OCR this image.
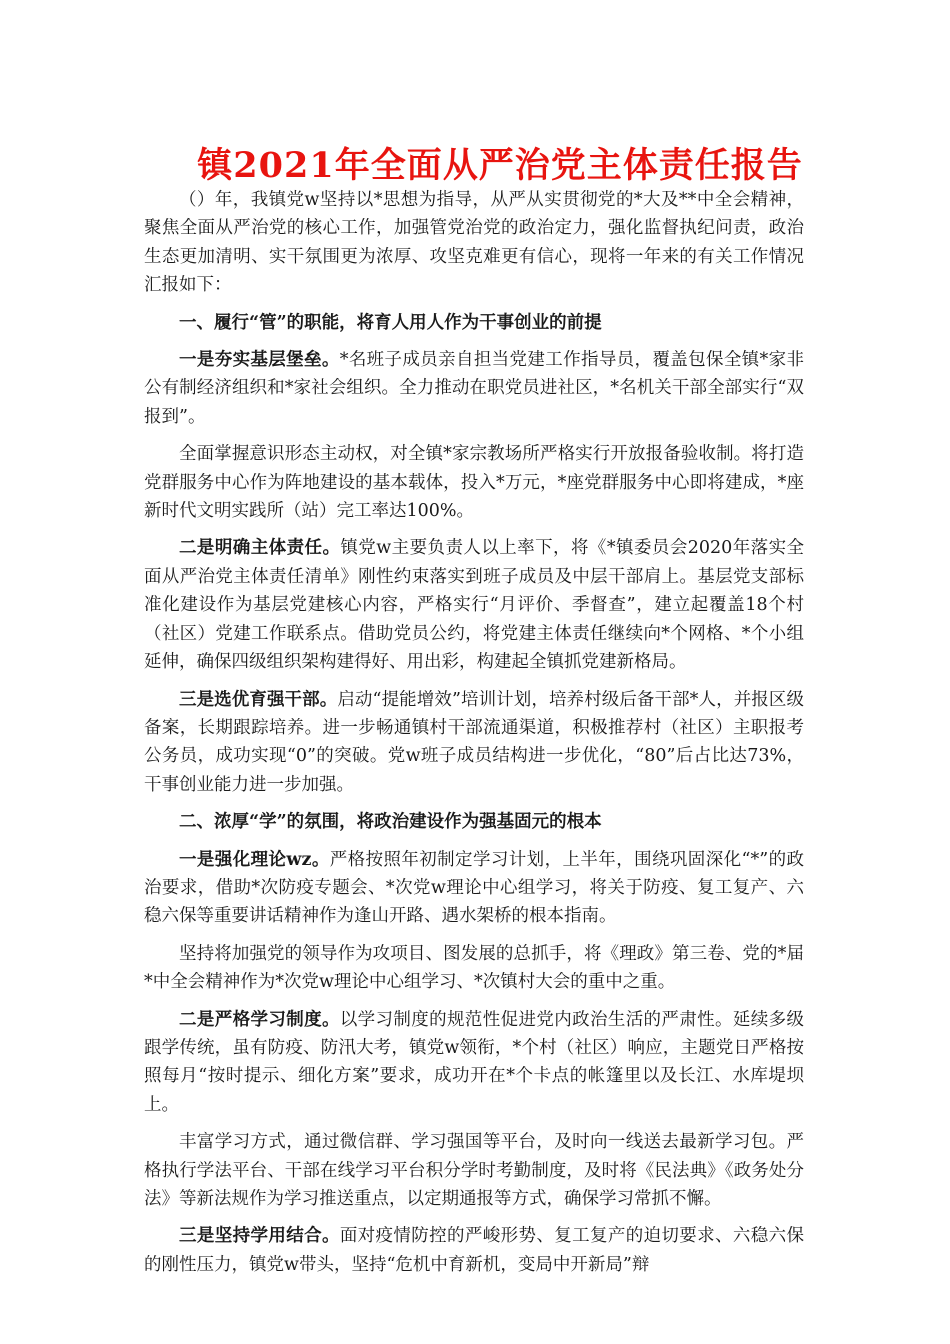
镇2021年全面从严治党主体责任报告

（）年，我镇党w坚持以*思想为指导，从严从实贯彻党的*大及**中全会精神，聚焦全面从严治党的核心工作，加强管党治党的政治定力，强化监督执纪问责，政治生态更加清明、实干氛围更为浓厚、攻坚克难更有信心，现将一年来的有关工作情况汇报如下：

一、履行“管”的职能，将育人用人作为干事创业的前提

一是夯实基层堡垒。*名班子成员亲自担当党建工作指导员，覆盖包保全镇*家非公有制经济组织和*家社会组织。全力推动在职党员进社区，*名机关干部全部实行“双报到”。

全面掌握意识形态主动权，对全镇*家宗教场所严格实行开放报备验收制。将打造党群服务中心作为阵地建设的基本载体，投入*万元，*座党群服务中心即将建成，*座新时代文明实践所（站）完工率达100%。

二是明确主体责任。镇党w主要负责人以上率下，将《*镇委员会2020年落实全面从严治党主体责任清单》刚性约束落实到班子成员及中层干部肩上。基层党支部标准化建设作为基层党建核心内容，严格实行“月评价、季督查”，建立起覆盖18个村（社区）党建工作联系点。借助党员公约，将党建主体责任继续向*个网格、*个小组延伸，确保四级组织架构建得好、用出彩，构建起全镇抓党建新格局。

三是选优育强干部。启动“提能增效”培训计划，培养村级后备干部*人，并报区级备案，长期跟踪培养。进一步畅通镇村干部流通渠道，积极推荐村（社区）主职报考公务员，成功实现“0”的突破。党w班子成员结构进一步优化，“80”后占比达73%，干事创业能力进一步加强。

二、浓厚“学”的氛围，将政治建设作为强基固元的根本

一是强化理论wz。严格按照年初制定学习计划，上半年，围绕巩固深化“*”的政治要求，借助*次防疫专题会、*次党w理论中心组学习，将关于防疫、复工复产、六稳六保等重要讲话精神作为逢山开路、遇水架桥的根本指南。

坚持将加强党的领导作为攻项目、图发展的总抓手，将《理政》第三卷、党的*届*中全会精神作为*次党w理论中心组学习、*次镇村大会的重中之重。

二是严格学习制度。以学习制度的规范性促进党内政治生活的严肃性。延续多级跟学传统，虽有防疫、防汛大考，镇党w领衔，*个村（社区）响应，主题党日严格按照每月“按时提示、细化方案”要求，成功开在*个卡点的帐篷里以及长江、水库堤坝上。

丰富学习方式，通过微信群、学习强国等平台，及时向一线送去最新学习包。严格执行学法平台、干部在线学习平台积分学时考勤制度，及时将《民法典》《政务处分法》等新法规作为学习推送重点，以定期通报等方式，确保学习常抓不懈。

三是坚持学用结合。面对疫情防控的严峻形势、复工复产的迫切要求、六稳六保的刚性压力，镇党w带头，坚持“危机中育新机，变局中开新局”辩
